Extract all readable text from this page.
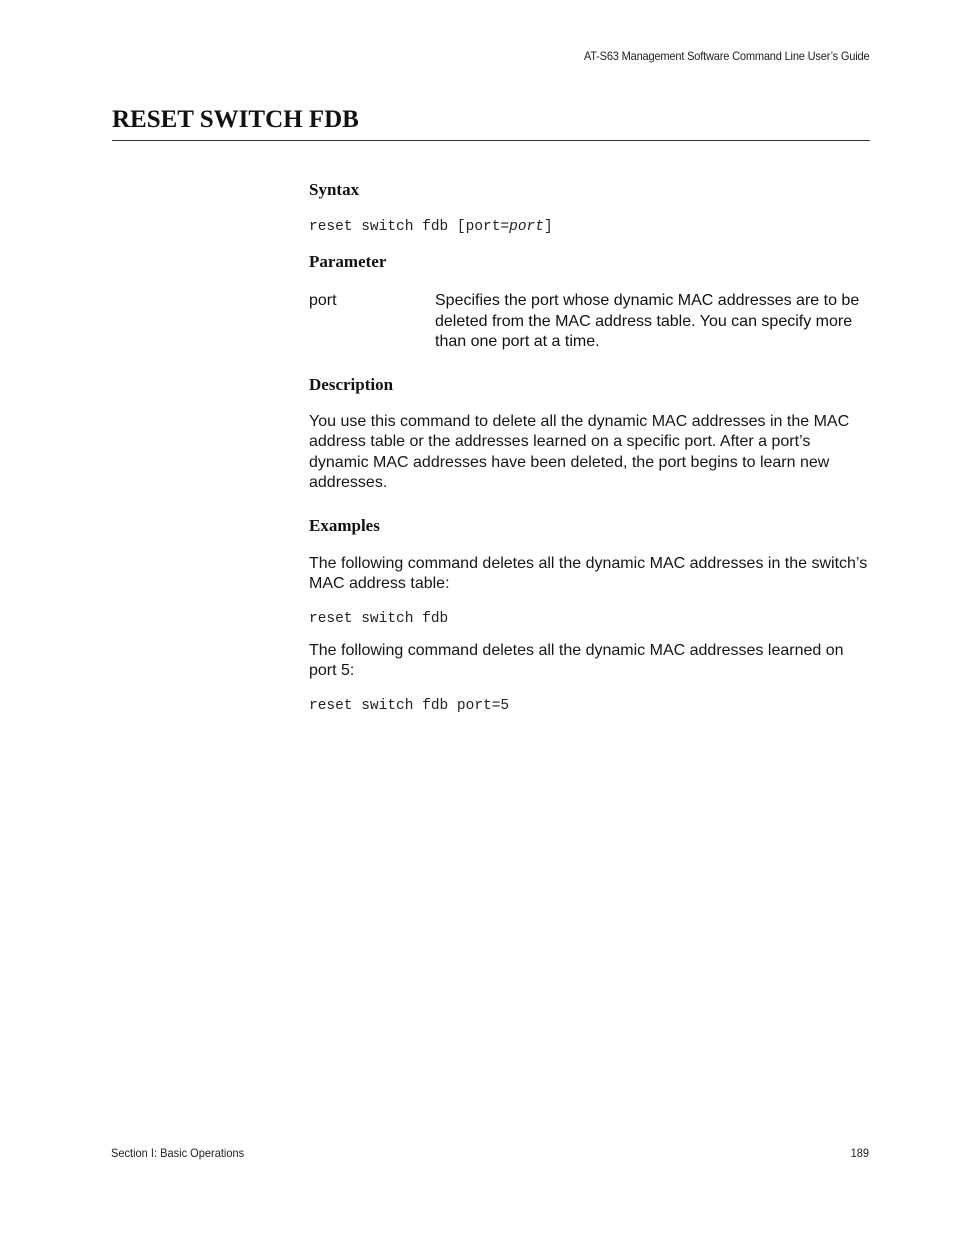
AT-S63 Management Software Command Line User’s Guide
RESET SWITCH FDB
Syntax

reset switch fdb [port=port]

Parameter
port	Specifies the port whose dynamic MAC addresses are to be deleted from the MAC address table. You can specify more than one port at a time.
Description

You use this command to delete all the dynamic MAC addresses in the MAC address table or the addresses learned on a specific port. After a port’s dynamic MAC addresses have been deleted, the port begins to learn new addresses.

Examples

The following command deletes all the dynamic MAC addresses in the switch’s MAC address table:

reset switch fdb

The following command deletes all the dynamic MAC addresses learned on port 5:

reset switch fdb port=5

Section I: Basic Operations	189
